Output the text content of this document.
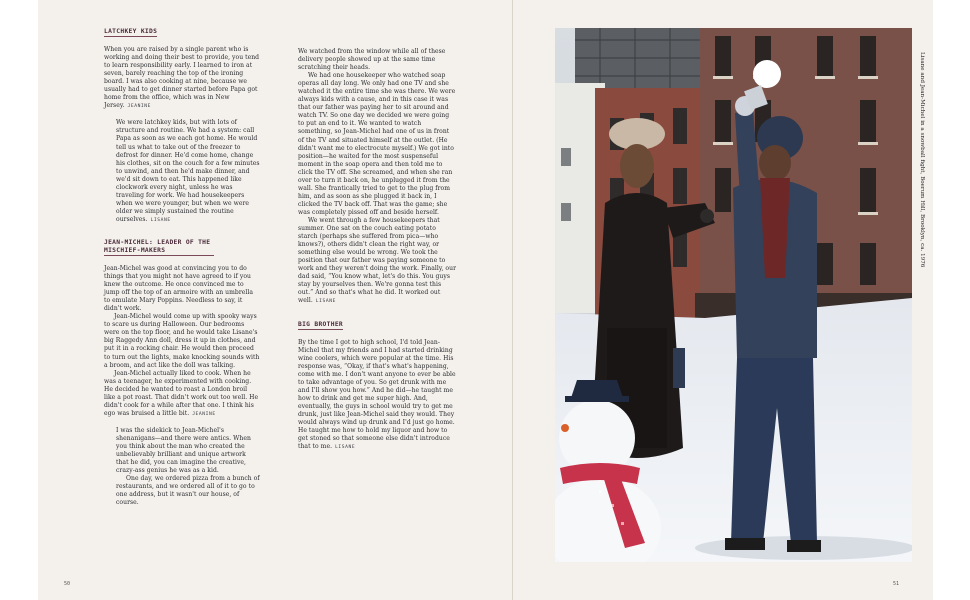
LATCHKEY KIDS

When you are raised by a single parent who is working and doing their best to provide, you tend to learn responsibility early. I learned to iron at seven, barely reaching the top of the ironing board. I was also cooking at nine, because we usually had to get dinner started before Papa got home from the office, which was in New Jersey. JEANINE

We were latchkey kids, but with lots of structure and routine. We had a system: call Papa as soon as we each got home. He would tell us what to take out of the freezer to defrost for dinner. He'd come home, change his clothes, sit on the couch for a few minutes to unwind, and then he'd make dinner, and we'd sit down to eat. This happened like clockwork every night, unless he was traveling for work. We had housekeepers when we were younger, but when we were older we simply sustained the routine ourselves. LISANE

JEAN-MICHEL: LEADER OF THE MISCHIEF-MAKERS

Jean-Michel was good at convincing you to do things that you might not have agreed to if you knew the outcome. He once convinced me to jump off the top of an armoire with an umbrella to emulate Mary Poppins. Needless to say, it didn't work.

Jean-Michel would come up with spooky ways to scare us during Halloween. Our bedrooms were on the top floor, and he would take Lisane's big Raggedy Ann doll, dress it up in clothes, and put it in a rocking chair. He would then proceed to turn out the lights, make knocking sounds with a broom, and act like the doll was talking.

Jean-Michel actually liked to cook. When he was a teenager, he experimented with cooking. He decided he wanted to roast a London broil like a pot roast. That didn't work out too well. He didn't cook for a while after that one. I think his ego was bruised a little bit. JEANINE

I was the sidekick to Jean-Michel's shenanigans—and there were antics. When you think about the man who created the unbelievably brilliant and unique artwork that he did, you can imagine the creative, crazy-ass genius he was as a kid.

One day, we ordered pizza from a bunch of restaurants, and we ordered all of it to go to one address, but it wasn't our house, of course.

We watched from the window while all of these delivery people showed up at the same time scratching their heads.

We had one housekeeper who watched soap operas all day long. We only had one TV and she watched it the entire time she was there. We were always kids with a cause, and in this case it was that our father was paying her to sit around and watch TV. So one day we decided we were going to put an end to it. We wanted to watch something, so Jean-Michel had one of us in front of the TV and situated himself at the outlet. (He didn't want me to electrocute myself.) We got into position—he waited for the most suspenseful moment in the soap opera and then told me to click the TV off. She screamed, and when she ran over to turn it back on, he unplugged it from the wall. She frantically tried to get to the plug from him, and as soon as she plugged it back in, I clicked the TV back off. That was the game; she was completely pissed off and beside herself.

We went through a few housekeepers that summer. One sat on the couch eating potato starch (perhaps she suffered from pica—who knows?), others didn't clean the right way, or something else would be wrong. We took the position that our father was paying someone to work and they weren't doing the work. Finally, our dad said, “You know what, let's do this. You guys stay by yourselves then. We're gonna test this out.” And so that's what he did. It worked out well. LISANE

BIG BROTHER

By the time I got to high school, I'd told Jean-Michel that my friends and I had started drinking wine coolers, which were popular at the time. His response was, “Okay, if that's what's happening, come with me. I don't want anyone to ever be able to take advantage of you. So get drunk with me and I'll show you how.” And he did—he taught me how to drink and get me super high. And, eventually, the guys in school would try to get me drunk, just like Jean-Michel said they would. They would always wind up drunk and I'd just go home. He taught me how to hold my liquor and how to get stoned so that someone else didn't introduce that to me. LISANE

50
Lisane and Jean-Michel in a snowball fight, Boerum Hill, Brooklyn, ca. 1976
51
